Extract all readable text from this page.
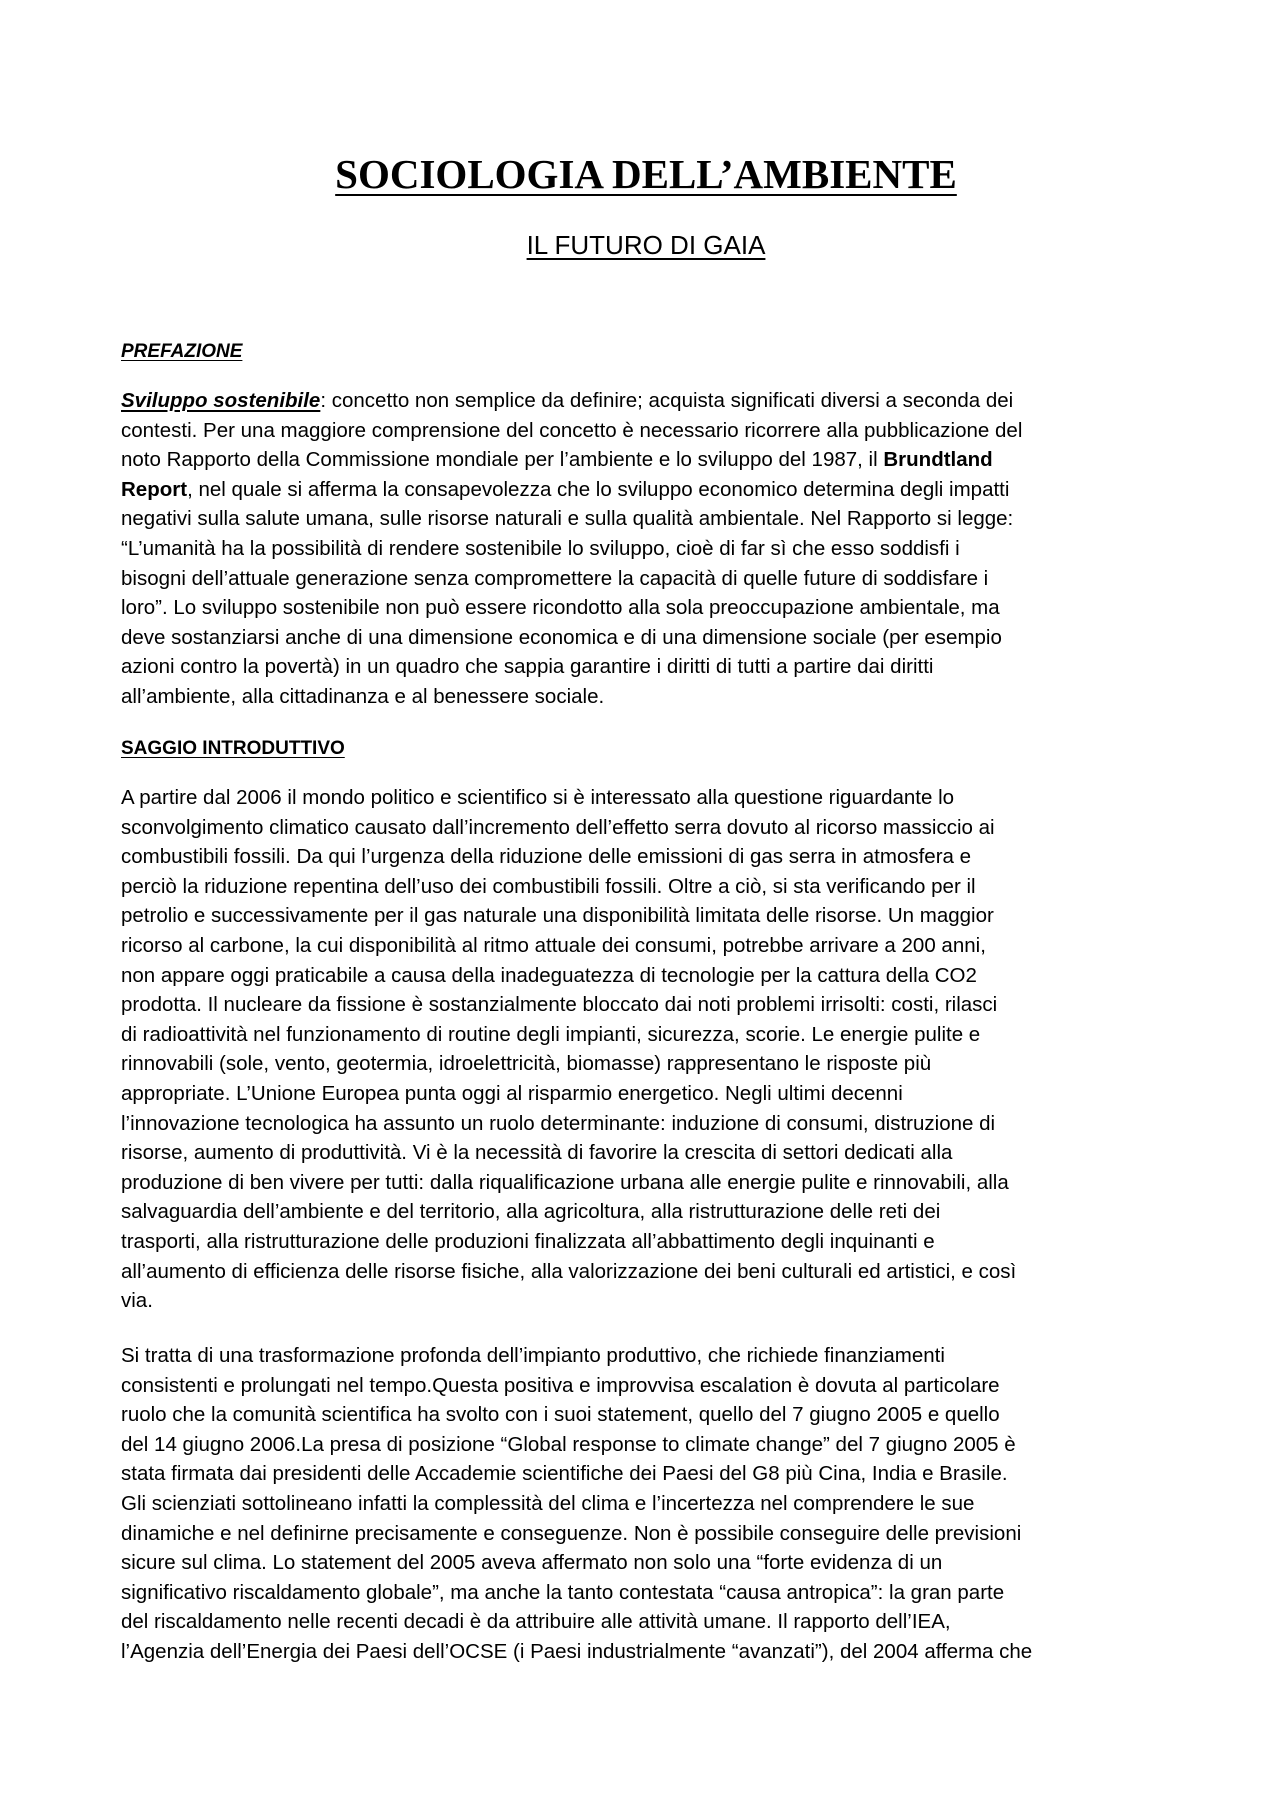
SOCIOLOGIA DELL’AMBIENTE
IL FUTURO DI GAIA
PREFAZIONE
Sviluppo sostenibile: concetto non semplice da definire; acquista significati diversi a seconda dei
contesti. Per una maggiore comprensione del concetto è necessario ricorrere alla pubblicazione del
noto Rapporto della Commissione mondiale per l’ambiente e lo sviluppo del 1987, il Brundtland
Report, nel quale si afferma la consapevolezza che lo sviluppo economico determina degli impatti
negativi sulla salute umana, sulle risorse naturali e sulla qualità ambientale. Nel Rapporto si legge:
“L’umanità ha la possibilità di rendere sostenibile lo sviluppo, cioè di far sì che esso soddisfi i
bisogni dell’attuale generazione senza compromettere la capacità di quelle future di soddisfare i
loro”. Lo sviluppo sostenibile non può essere ricondotto alla sola preoccupazione ambientale, ma
deve sostanziarsi anche di una dimensione economica e di una dimensione sociale (per esempio
azioni contro la povertà) in un quadro che sappia garantire i diritti di tutti a partire dai diritti
all’ambiente, alla cittadinanza e al benessere sociale.
SAGGIO INTRODUTTIVO
A partire dal 2006 il mondo politico e scientifico si è interessato alla questione riguardante lo
sconvolgimento climatico causato dall’incremento dell’effetto serra dovuto al ricorso massiccio ai
combustibili fossili. Da qui l’urgenza della riduzione delle emissioni di gas serra in atmosfera e
perciò la riduzione repentina dell’uso dei combustibili fossili. Oltre a ciò, si sta verificando per il
petrolio e successivamente per il gas naturale una disponibilità limitata delle risorse. Un maggior
ricorso al carbone, la cui disponibilità al ritmo attuale dei consumi, potrebbe arrivare a 200 anni,
non appare oggi praticabile a causa della inadeguatezza di tecnologie per la cattura della CO2
prodotta. Il nucleare da fissione è sostanzialmente bloccato dai noti problemi irrisolti: costi, rilasci
di radioattività nel funzionamento di routine degli impianti, sicurezza, scorie. Le energie pulite e
rinnovabili (sole, vento, geotermia, idroelettricità, biomasse) rappresentano le risposte più
appropriate. L’Unione Europea punta oggi al risparmio energetico. Negli ultimi decenni
l’innovazione tecnologica ha assunto un ruolo determinante: induzione di consumi, distruzione di
risorse, aumento di produttività. Vi è la necessità di favorire la crescita di settori dedicati alla
produzione di ben vivere per tutti: dalla riqualificazione urbana alle energie pulite e rinnovabili, alla
salvaguardia dell’ambiente e del territorio, alla agricoltura, alla ristrutturazione delle reti dei
trasporti, alla ristrutturazione delle produzioni finalizzata all’abbattimento degli inquinanti e
all’aumento di efficienza delle risorse fisiche, alla valorizzazione dei beni culturali ed artistici, e così
via.
Si tratta di una trasformazione profonda dell’impianto produttivo, che richiede finanziamenti
consistenti e prolungati nel tempo.Questa positiva e improvvisa escalation è dovuta al particolare
ruolo che la comunità scientifica ha svolto con i suoi statement, quello del 7 giugno 2005 e quello
del 14 giugno 2006.La presa di posizione “Global response to climate change” del 7 giugno 2005 è
stata firmata dai presidenti delle Accademie scientifiche dei Paesi del G8 più Cina, India e Brasile.
Gli scienziati sottolineano infatti la complessità del clima e l’incertezza nel comprendere le sue
dinamiche e nel definirne precisamente e conseguenze. Non è possibile conseguire delle previsioni
sicure sul clima. Lo statement del 2005 aveva affermato non solo una “forte evidenza di un
significativo riscaldamento globale”, ma anche la tanto contestata “causa antropica”: la gran parte
del riscaldamento nelle recenti decadi è da attribuire alle attività umane. Il rapporto dell’IEA,
l’Agenzia dell’Energia dei Paesi dell’OCSE (i Paesi industrialmente “avanzati”), del 2004 afferma che
